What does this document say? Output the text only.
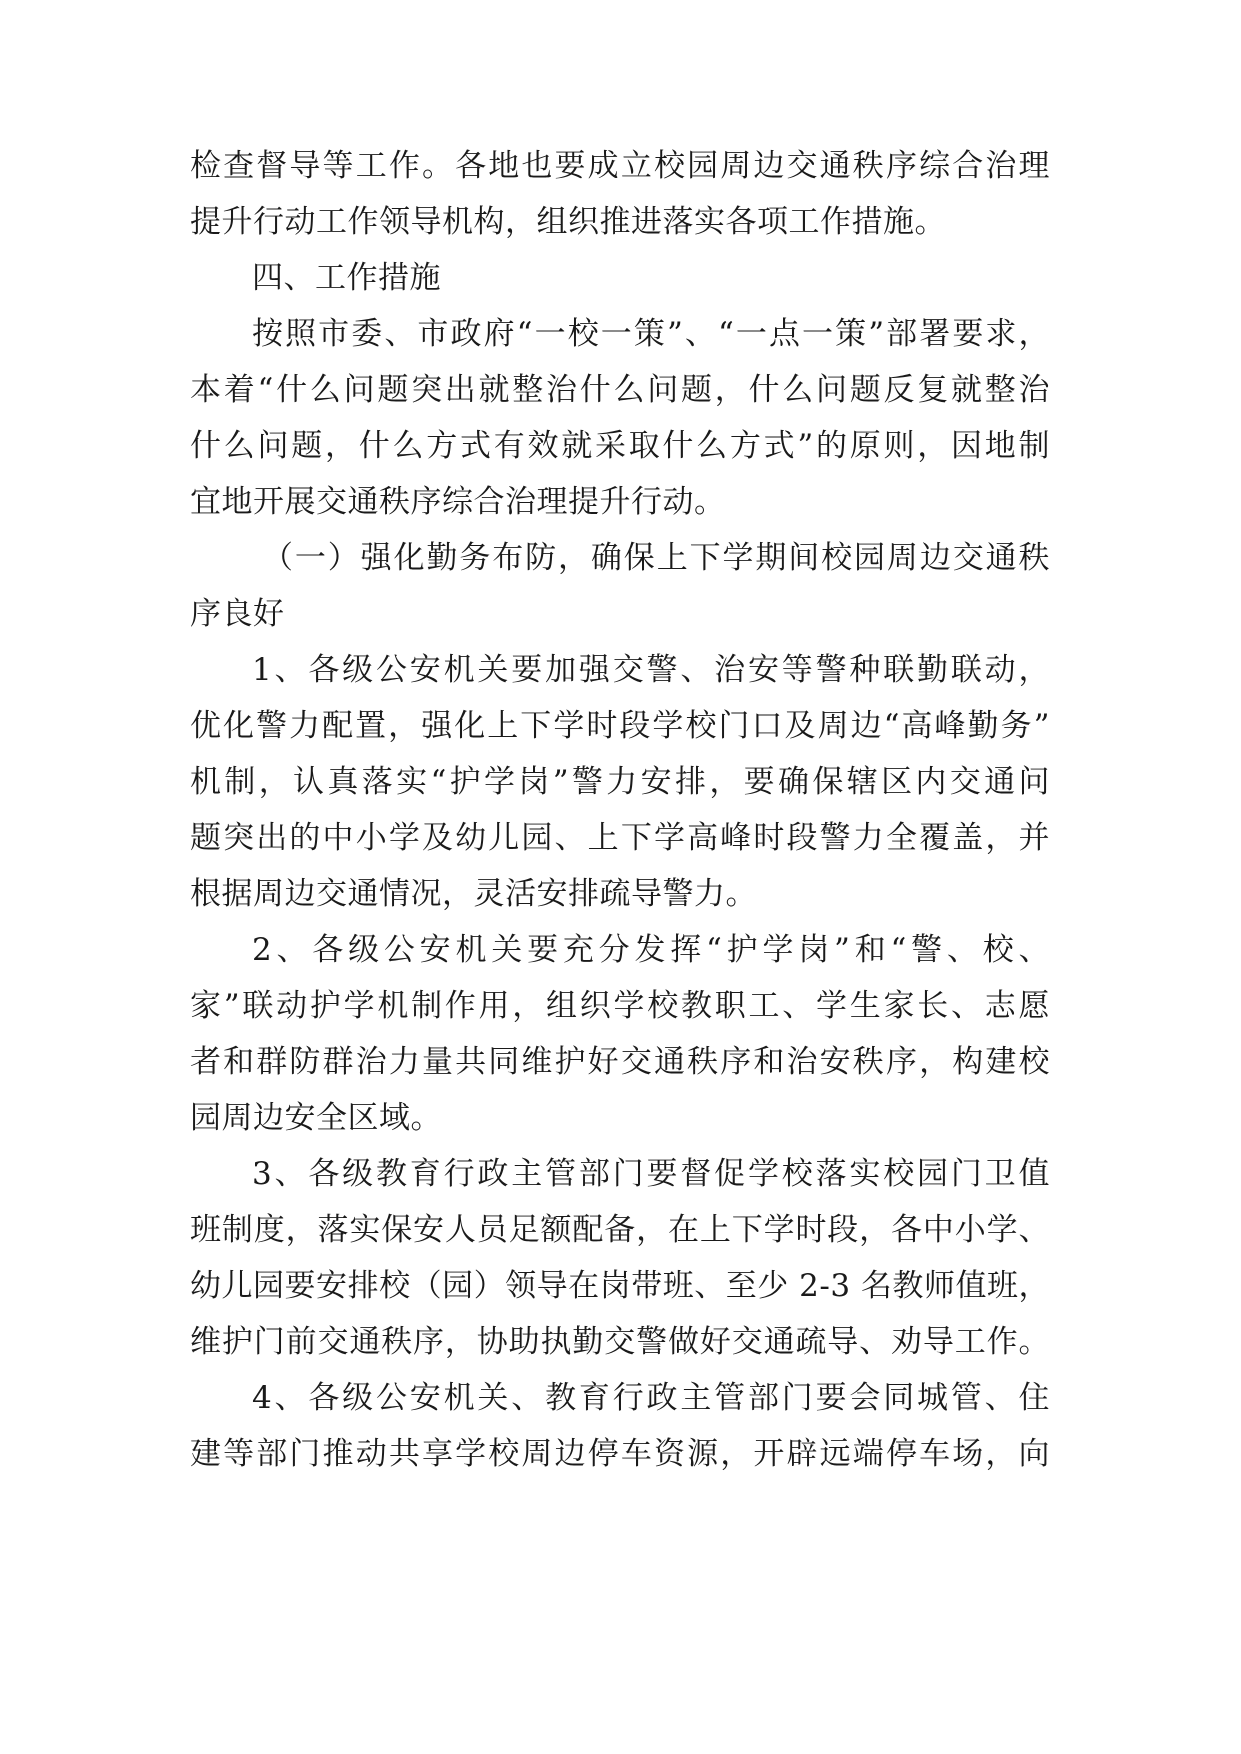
检查督导等工作。各地也要成立校园周边交通秩序综合治理
提升行动工作领导机构，组织推进落实各项工作措施。
四、工作措施
按照市委、市政府“一校一策”、“一点一策”部署要求，
本着“什么问题突出就整治什么问题，什么问题反复就整治
什么问题，什么方式有效就采取什么方式”的原则，因地制
宜地开展交通秩序综合治理提升行动。
（一）强化勤务布防，确保上下学期间校园周边交通秩
序良好
1、各级公安机关要加强交警、治安等警种联勤联动，
优化警力配置，强化上下学时段学校门口及周边“高峰勤务”
机制，认真落实“护学岗”警力安排，要确保辖区内交通问
题突出的中小学及幼儿园、上下学高峰时段警力全覆盖，并
根据周边交通情况，灵活安排疏导警力。
2、各级公安机关要充分发挥“护学岗”和“警、校、
家”联动护学机制作用，组织学校教职工、学生家长、志愿
者和群防群治力量共同维护好交通秩序和治安秩序，构建校
园周边安全区域。
3、各级教育行政主管部门要督促学校落实校园门卫值
班制度，落实保安人员足额配备，在上下学时段，各中小学、
幼儿园要安排校（园）领导在岗带班、至少 2-3 名教师值班，
维护门前交通秩序，协助执勤交警做好交通疏导、劝导工作。
4、各级公安机关、教育行政主管部门要会同城管、住
建等部门推动共享学校周边停车资源，开辟远端停车场，向
